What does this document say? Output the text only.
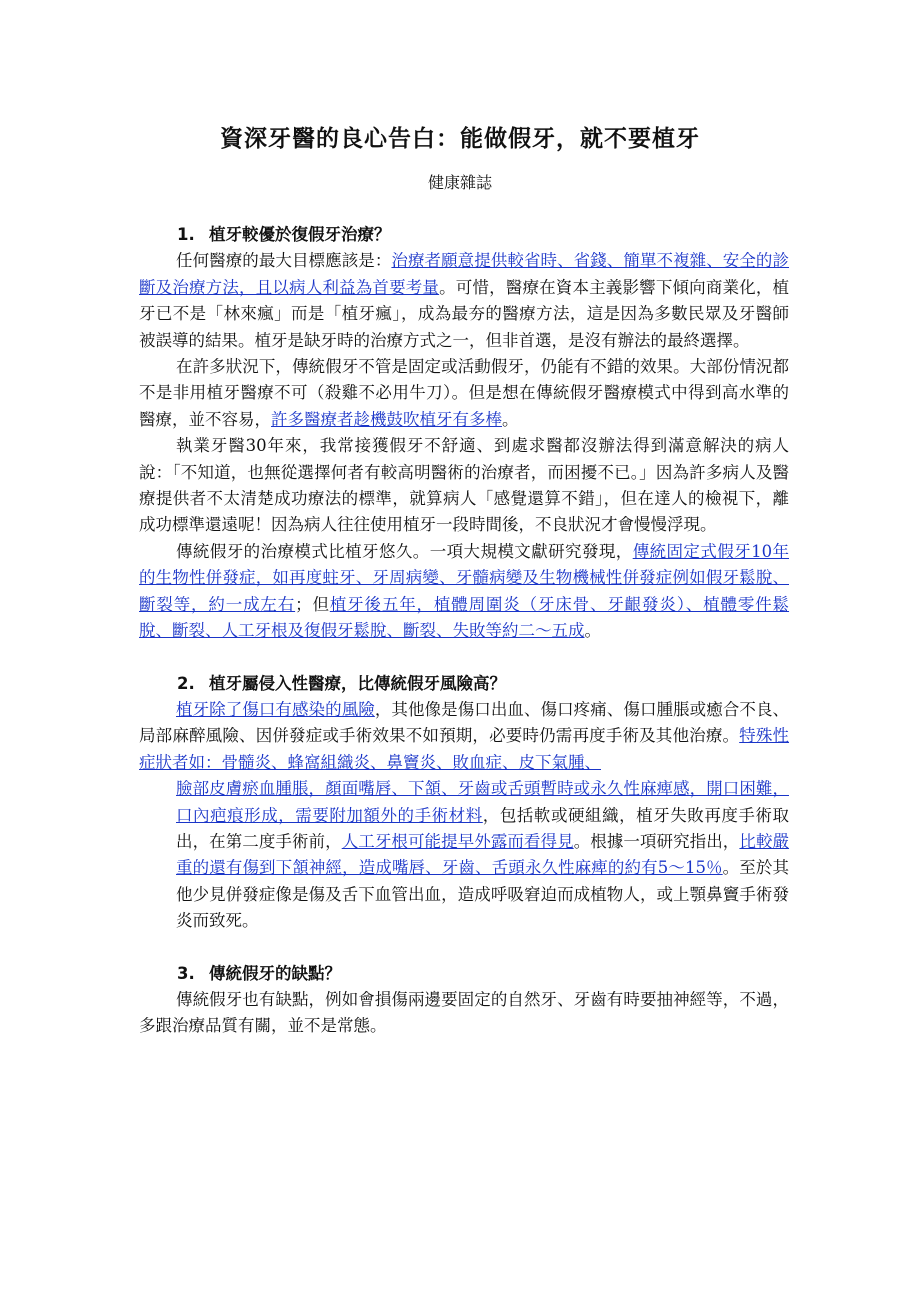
資深牙醫的良心告白：能做假牙，就不要植牙
健康雜誌
1. 植牙較優於復假牙治療？

任何醫療的最大目標應該是：治療者願意提供較省時、省錢、簡單不複雜、安全的診斷及治療方法，且以病人利益為首要考量。可惜，醫療在資本主義影響下傾向商業化，植牙已不是「林來瘋」而是「植牙瘋」，成為最夯的醫療方法，這是因為多數民眾及牙醫師被誤導的結果。植牙是缺牙時的治療方式之一，但非首選，是沒有辦法的最終選擇。

在許多狀況下，傳統假牙不管是固定或活動假牙，仍能有不錯的效果。大部份情況都不是非用植牙醫療不可（殺雞不必用牛刀）。但是想在傳統假牙醫療模式中得到高水準的醫療，並不容易，許多醫療者趁機鼓吹植牙有多棒。

執業牙醫30年來，我常接獲假牙不舒適、到處求醫都沒辦法得到滿意解決的病人說：「不知道，也無從選擇何者有較高明醫術的治療者，而困擾不已。」因為許多病人及醫療提供者不太清楚成功療法的標準，就算病人「感覺還算不錯」，但在達人的檢視下，離成功標準還遠呢！因為病人往往使用植牙一段時間後，不良狀況才會慢慢浮現。

傳統假牙的治療模式比植牙悠久。一項大規模文獻研究發現，傳統固定式假牙10年的生物性併發症，如再度蛀牙、牙周病變、牙髓病變及生物機械性併發症例如假牙鬆脫、斷裂等，約一成左右；但植牙後五年，植體周圍炎（牙床骨、牙齦發炎）、植體零件鬆脫、斷裂、人工牙根及復假牙鬆脫、斷裂、失敗等約二～五成。

2. 植牙屬侵入性醫療，比傳統假牙風險高？

植牙除了傷口有感染的風險，其他像是傷口出血、傷口疼痛、傷口腫脹或癒合不良、局部麻醉風險、因併發症或手術效果不如預期，必要時仍需再度手術及其他治療。特殊性症狀者如：骨髓炎、蜂窩組織炎、鼻竇炎、敗血症、皮下氣腫、

臉部皮膚瘀血腫脹，顏面嘴唇、下頷、牙齒或舌頭暫時或永久性麻痺感，開口困難，口內疤痕形成，需要附加額外的手術材料，包括軟或硬組織，植牙失敗再度手術取出，在第二度手術前，人工牙根可能提早外露而看得見。根據一項研究指出，比較嚴重的還有傷到下頷神經，造成嘴唇、牙齒、舌頭永久性麻痺的約有5～15％。至於其他少見併發症像是傷及舌下血管出血，造成呼吸窘迫而成植物人，或上顎鼻竇手術發炎而致死。

3. 傳統假牙的缺點？

傳統假牙也有缺點，例如會損傷兩邊要固定的自然牙、牙齒有時要抽神經等，不過，多跟治療品質有關，並不是常態。
